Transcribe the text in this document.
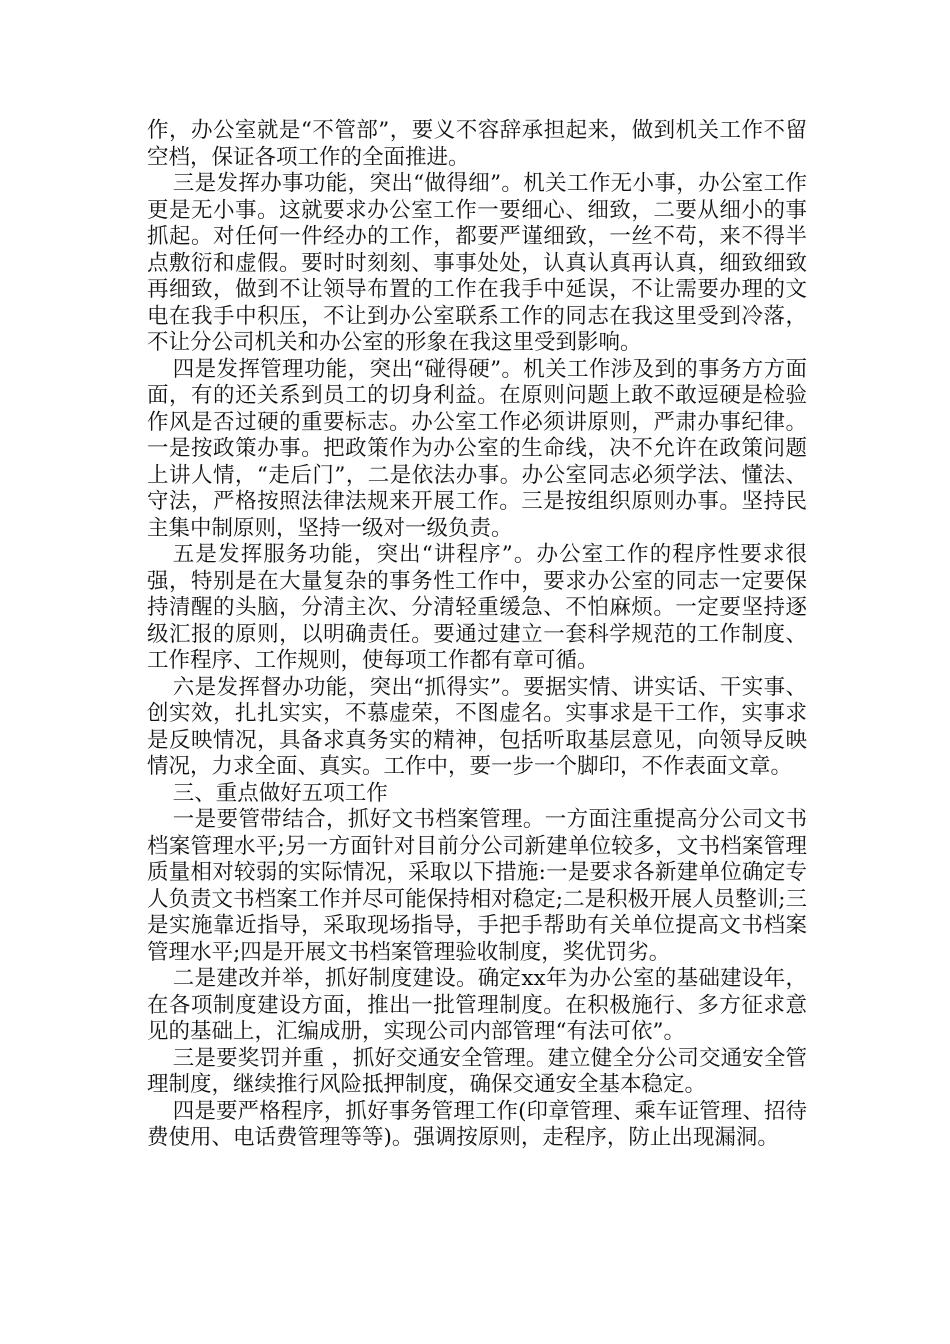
作，办公室就是“不管部”，要义不容辞承担起来，做到机关工作不留空档，保证各项工作的全面推进。

三是发挥办事功能，突出“做得细”。机关工作无小事，办公室工作更是无小事。这就要求办公室工作一要细心、细致，二要从细小的事抓起。对任何一件经办的工作，都要严谨细致，一丝不苟，来不得半点敷衍和虚假。要时时刻刻、事事处处，认真认真再认真，细致细致再细致，做到不让领导布置的工作在我手中延误，不让需要办理的文电在我手中积压，不让到办公室联系工作的同志在我这里受到冷落，不让分公司机关和办公室的形象在我这里受到影响。

四是发挥管理功能，突出“碰得硬”。机关工作涉及到的事务方方面面，有的还关系到员工的切身利益。在原则问题上敢不敢逗硬是检验作风是否过硬的重要标志。办公室工作必须讲原则，严肃办事纪律。一是按政策办事。把政策作为办公室的生命线，决不允许在政策问题上讲人情，“走后门”，二是依法办事。办公室同志必须学法、懂法、守法，严格按照法律法规来开展工作。三是按组织原则办事。坚持民主集中制原则，坚持一级对一级负责。

五是发挥服务功能，突出“讲程序”。办公室工作的程序性要求很强，特别是在大量复杂的事务性工作中，要求办公室的同志一定要保持清醒的头脑，分清主次、分清轻重缓急、不怕麻烦。一定要坚持逐级汇报的原则，以明确责任。要通过建立一套科学规范的工作制度、工作程序、工作规则，使每项工作都有章可循。

六是发挥督办功能，突出“抓得实”。要据实情、讲实话、干实事、创实效，扎扎实实，不慕虚荣，不图虚名。实事求是干工作，实事求是反映情况，具备求真务实的精神，包括听取基层意见，向领导反映情况，力求全面、真实。工作中，要一步一个脚印，不作表面文章。

三、重点做好五项工作

一是要管带结合，抓好文书档案管理。一方面注重提高分公司文书档案管理水平;另一方面针对目前分公司新建单位较多，文书档案管理质量相对较弱的实际情况，采取以下措施:一是要求各新建单位确定专人负责文书档案工作并尽可能保持相对稳定;二是积极开展人员整训;三是实施靠近指导，采取现场指导，手把手帮助有关单位提高文书档案管理水平;四是开展文书档案管理验收制度，奖优罚劣。

二是建改并举，抓好制度建设。确定xx年为办公室的基础建设年，在各项制度建设方面，推出一批管理制度。在积极施行、多方征求意见的基础上，汇编成册，实现公司内部管理“有法可依”。

三是要奖罚并重 ，抓好交通安全管理。建立健全分公司交通安全管理制度，继续推行风险抵押制度，确保交通安全基本稳定。

四是要严格程序，抓好事务管理工作(印章管理、乘车证管理、招待费使用、电话费管理等等)。强调按原则，走程序，防止出现漏洞。
